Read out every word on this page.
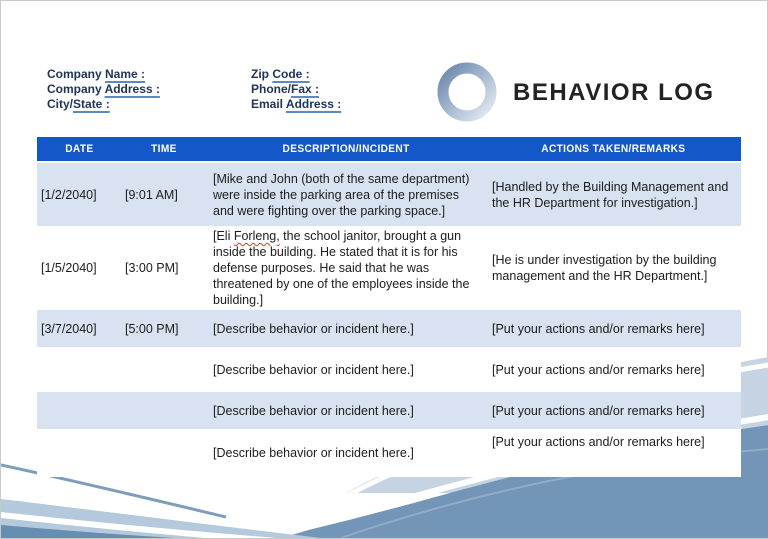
Company Name :
Company Address :
City/State :
Zip Code :
Phone/Fax :
Email Address :	BEHAVIOR LOG
DATE	TIME	DESCRIPTION/INCIDENT	ACTIONS TAKEN/REMARKS
[1/2/2040]	[9:01 AM]	[Mike and John (both of the same department) were inside the parking area of the premises and were fighting over the parking space.]	[Handled by the Building Management and the HR Department for investigation.]
[1/5/2040]	[3:00 PM]	[Eli Forleng, the school janitor, brought a gun inside the building. He stated that it is for his defense purposes. He said that he was threatened by one of the employees inside the building.]	[He is under investigation by the building management and the HR Department.]
[3/7/2040]	[5:00 PM]	[Describe behavior or incident here.]	[Put your actions and/or remarks here]
		[Describe behavior or incident here.]	[Put your actions and/or remarks here]
		[Describe behavior or incident here.]	[Put your actions and/or remarks here]
		[Describe behavior or incident here.]	[Put your actions and/or remarks here]
